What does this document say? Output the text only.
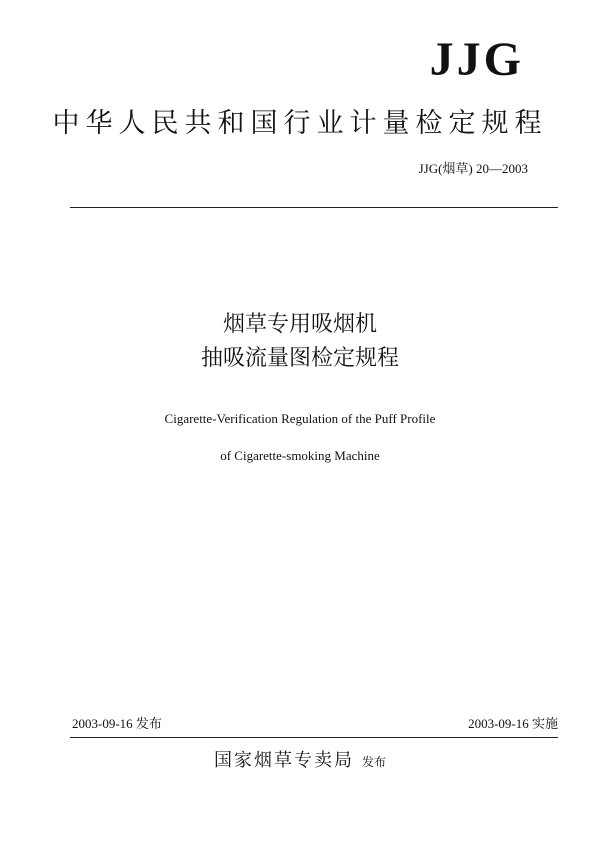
JJG
中华人民共和国行业计量检定规程
JJG(烟草) 20—2003
烟草专用吸烟机
抽吸流量图检定规程
Cigarette-Verification Regulation of the Puff Profile
of Cigarette-smoking Machine
2003-09-16 发布	2003-09-16 实施
国家烟草专卖局 发布
